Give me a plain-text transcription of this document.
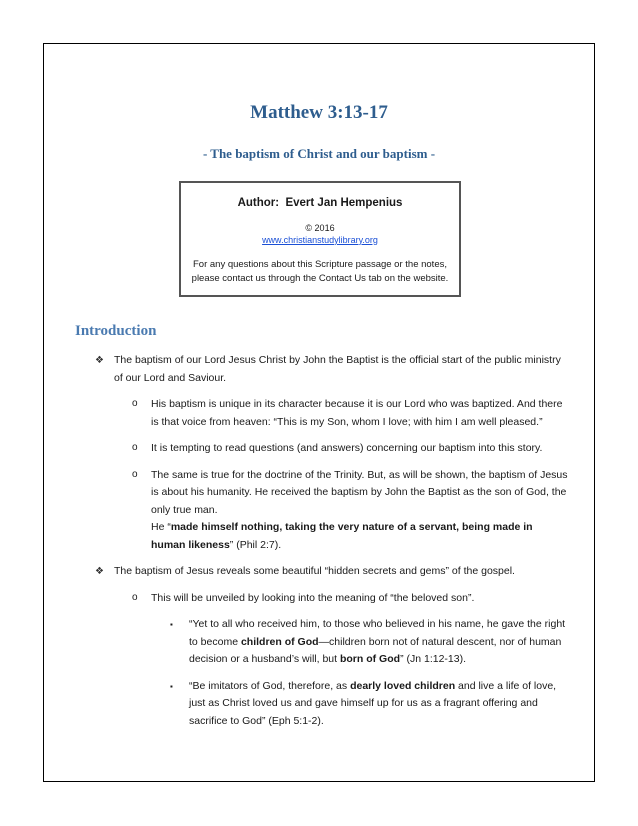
Matthew 3:13-17
- The baptism of Christ and our baptism -
Author: Evert Jan Hempenius
© 2016
www.christianstudylibrary.org
For any questions about this Scripture passage or the notes,
please contact us through the Contact Us tab on the website.
Introduction
❖ The baptism of our Lord Jesus Christ by John the Baptist is the official start of the public ministry of our Lord and Saviour.
o His baptism is unique in its character because it is our Lord who was baptized. And there is that voice from heaven: “This is my Son, whom I love; with him I am well pleased.”
o It is tempting to read questions (and answers) concerning our baptism into this story.
o The same is true for the doctrine of the Trinity. But, as will be shown, the baptism of Jesus is about his humanity. He received the baptism by John the Baptist as the son of God, the only true man.
He “made himself nothing, taking the very nature of a servant, being made in human likeness” (Phil 2:7).
❖ The baptism of Jesus reveals some beautiful “hidden secrets and gems” of the gospel.
o This will be unveiled by looking into the meaning of “the beloved son”.
▪ “Yet to all who received him, to those who believed in his name, he gave the right to become children of God—children born not of natural descent, nor of human decision or a husband’s will, but born of God” (Jn 1:12-13).
▪ “Be imitators of God, therefore, as dearly loved children and live a life of love, just as Christ loved us and gave himself up for us as a fragrant offering and sacrifice to God” (Eph 5:1-2).
